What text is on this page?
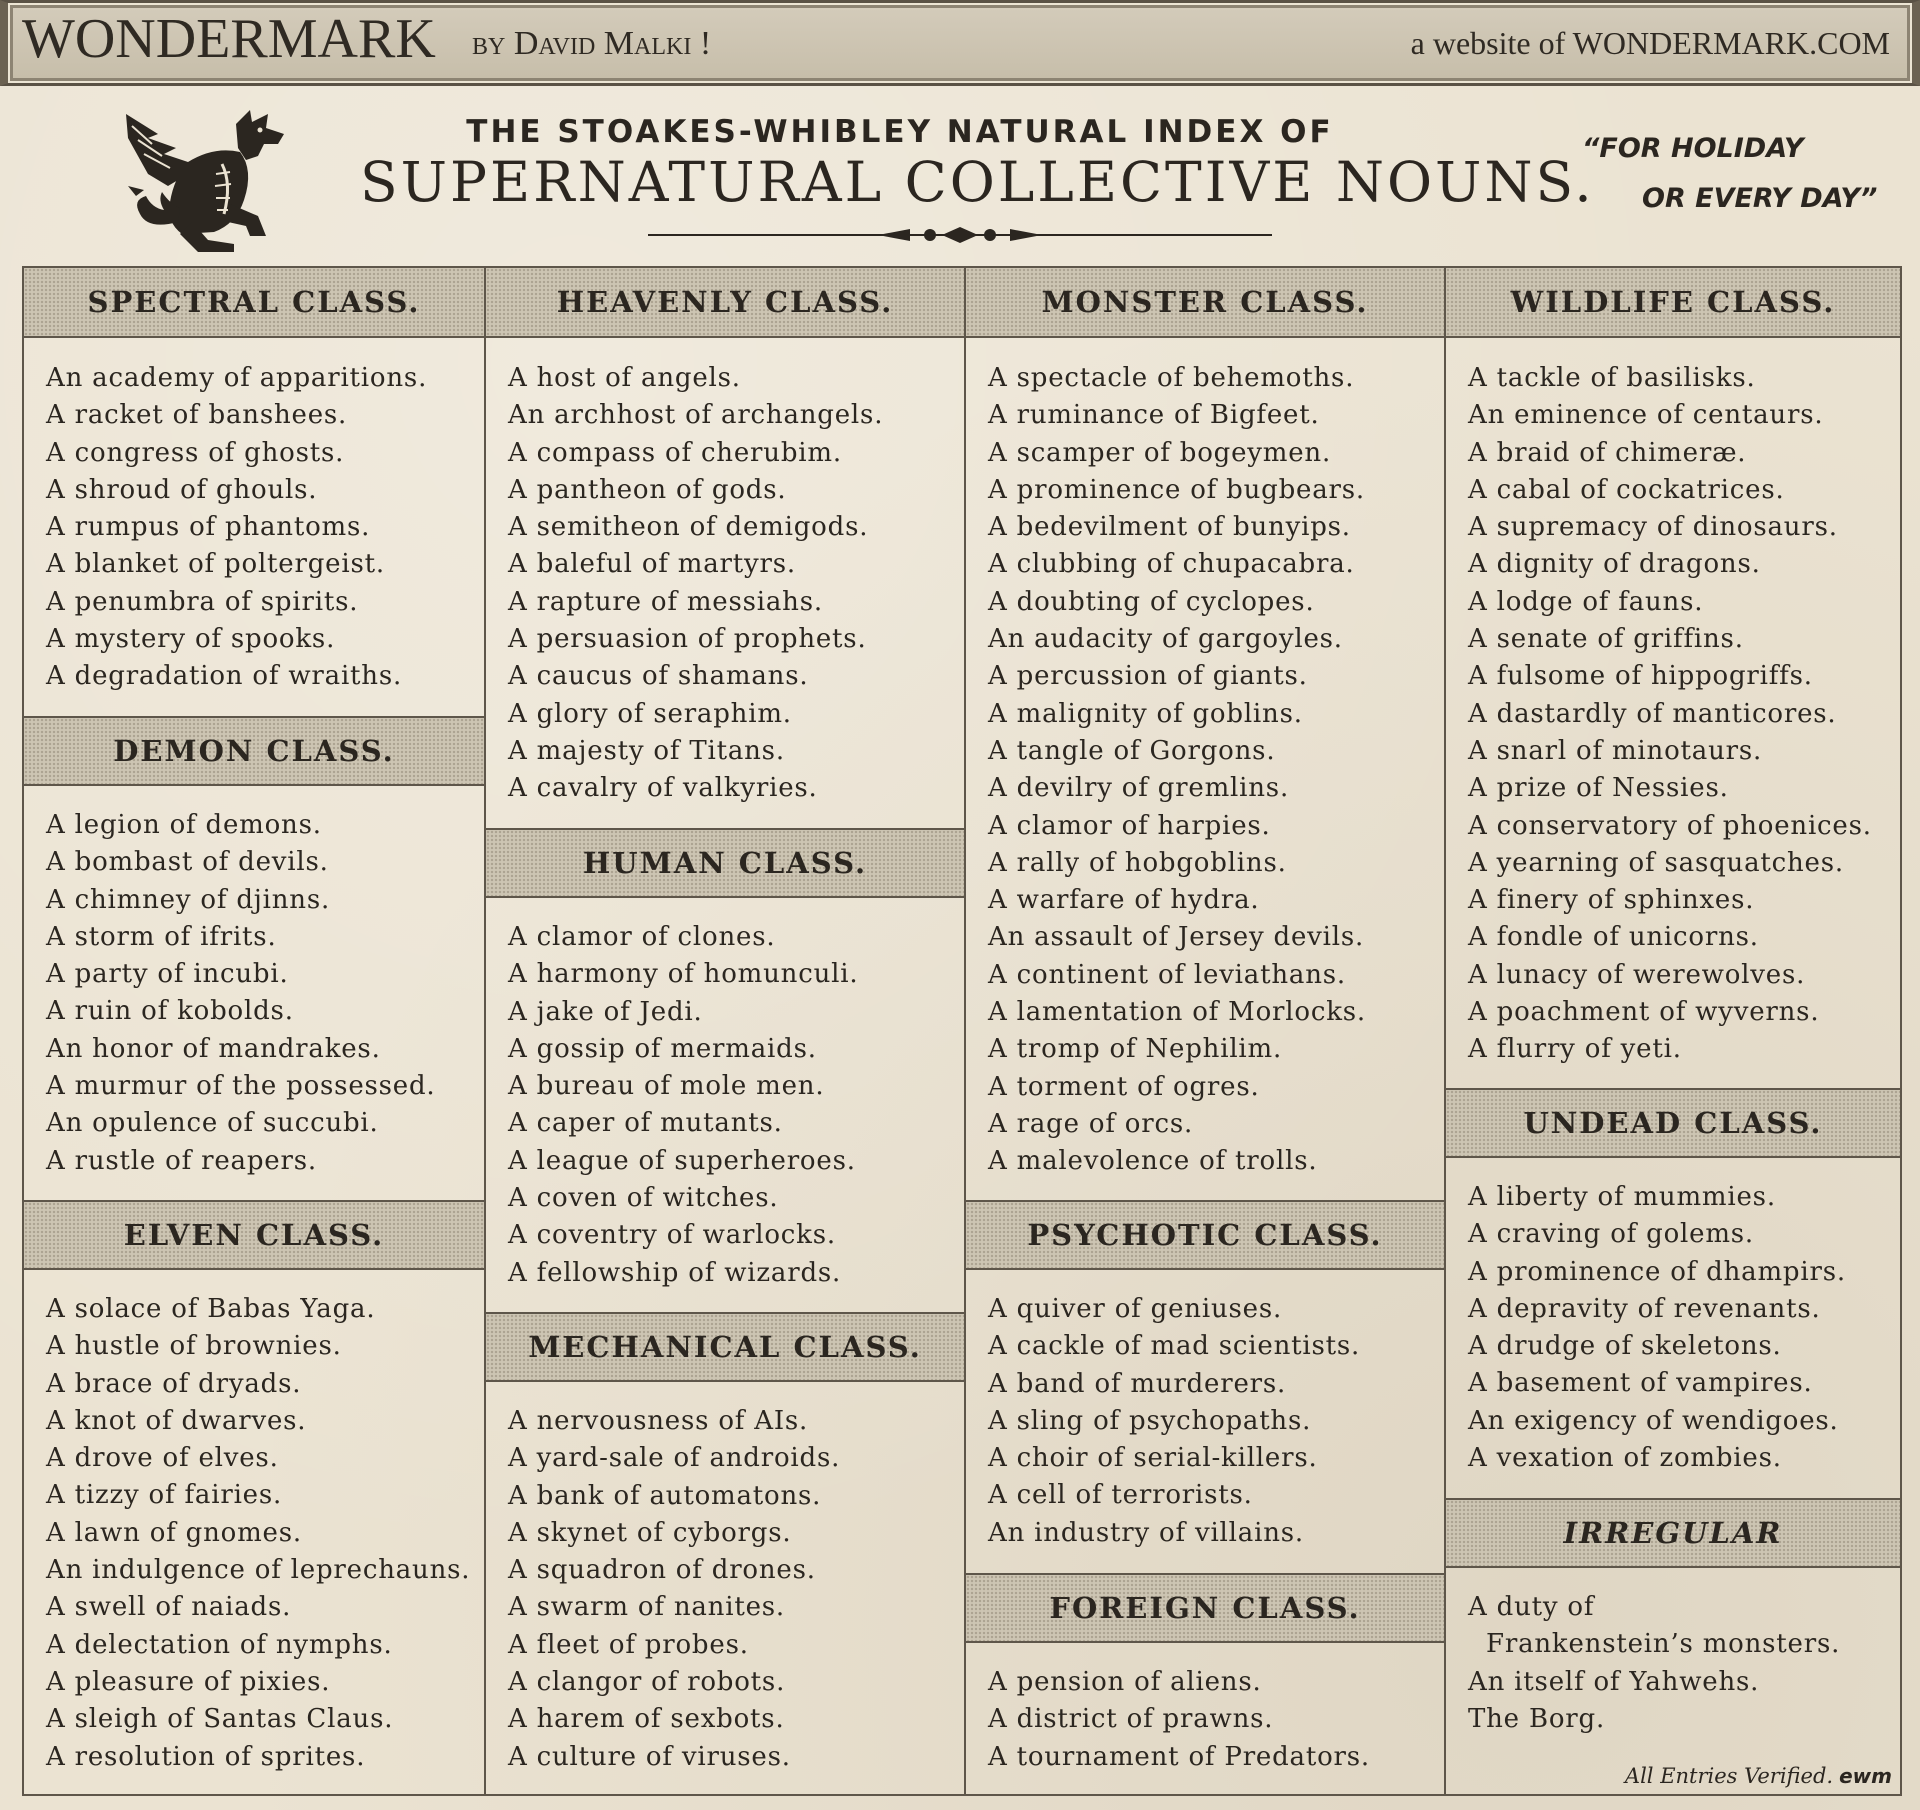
WONDERMARK by David Malki !	a website of WONDERMARK.COM
THE STOAKES-WHIBLEY NATURAL INDEX OF
SUPERNATURAL COLLECTIVE NOUNS.
“FOR HOLIDAY
OR EVERY DAY”
SPECTRAL CLASS.
An academy of apparitions.
A racket of banshees.
A congress of ghosts.
A shroud of ghouls.
A rumpus of phantoms.
A blanket of poltergeist.
A penumbra of spirits.
A mystery of spooks.
A degradation of wraiths.
DEMON CLASS.
A legion of demons.
A bombast of devils.
A chimney of djinns.
A storm of ifrits.
A party of incubi.
A ruin of kobolds.
An honor of mandrakes.
A murmur of the possessed.
An opulence of succubi.
A rustle of reapers.
ELVEN CLASS.
A solace of Babas Yaga.
A hustle of brownies.
A brace of dryads.
A knot of dwarves.
A drove of elves.
A tizzy of fairies.
A lawn of gnomes.
An indulgence of leprechauns.
A swell of naiads.
A delectation of nymphs.
A pleasure of pixies.
A sleigh of Santas Claus.
A resolution of sprites.
HEAVENLY CLASS.
A host of angels.
An archhost of archangels.
A compass of cherubim.
A pantheon of gods.
A semitheon of demigods.
A baleful of martyrs.
A rapture of messiahs.
A persuasion of prophets.
A caucus of shamans.
A glory of seraphim.
A majesty of Titans.
A cavalry of valkyries.
HUMAN CLASS.
A clamor of clones.
A harmony of homunculi.
A jake of Jedi.
A gossip of mermaids.
A bureau of mole men.
A caper of mutants.
A league of superheroes.
A coven of witches.
A coventry of warlocks.
A fellowship of wizards.
MECHANICAL CLASS.
A nervousness of AIs.
A yard-sale of androids.
A bank of automatons.
A skynet of cyborgs.
A squadron of drones.
A swarm of nanites.
A fleet of probes.
A clangor of robots.
A harem of sexbots.
A culture of viruses.
MONSTER CLASS.
A spectacle of behemoths.
A ruminance of Bigfeet.
A scamper of bogeymen.
A prominence of bugbears.
A bedevilment of bunyips.
A clubbing of chupacabra.
A doubting of cyclopes.
An audacity of gargoyles.
A percussion of giants.
A malignity of goblins.
A tangle of Gorgons.
A devilry of gremlins.
A clamor of harpies.
A rally of hobgoblins.
A warfare of hydra.
An assault of Jersey devils.
A continent of leviathans.
A lamentation of Morlocks.
A tromp of Nephilim.
A torment of ogres.
A rage of orcs.
A malevolence of trolls.
PSYCHOTIC CLASS.
A quiver of geniuses.
A cackle of mad scientists.
A band of murderers.
A sling of psychopaths.
A choir of serial-killers.
A cell of terrorists.
An industry of villains.
FOREIGN CLASS.
A pension of aliens.
A district of prawns.
A tournament of Predators.
WILDLIFE CLASS.
A tackle of basilisks.
An eminence of centaurs.
A braid of chimeræ.
A cabal of cockatrices.
A supremacy of dinosaurs.
A dignity of dragons.
A lodge of fauns.
A senate of griffins.
A fulsome of hippogriffs.
A dastardly of manticores.
A snarl of minotaurs.
A prize of Nessies.
A conservatory of phoenices.
A yearning of sasquatches.
A finery of sphinxes.
A fondle of unicorns.
A lunacy of werewolves.
A poachment of wyverns.
A flurry of yeti.
UNDEAD CLASS.
A liberty of mummies.
A craving of golems.
A prominence of dhampirs.
A depravity of revenants.
A drudge of skeletons.
A basement of vampires.
An exigency of wendigoes.
A vexation of zombies.
IRREGULAR
A duty of
Frankenstein’s monsters.
An itself of Yahwehs.
The Borg.
All Entries Verified. ewm
